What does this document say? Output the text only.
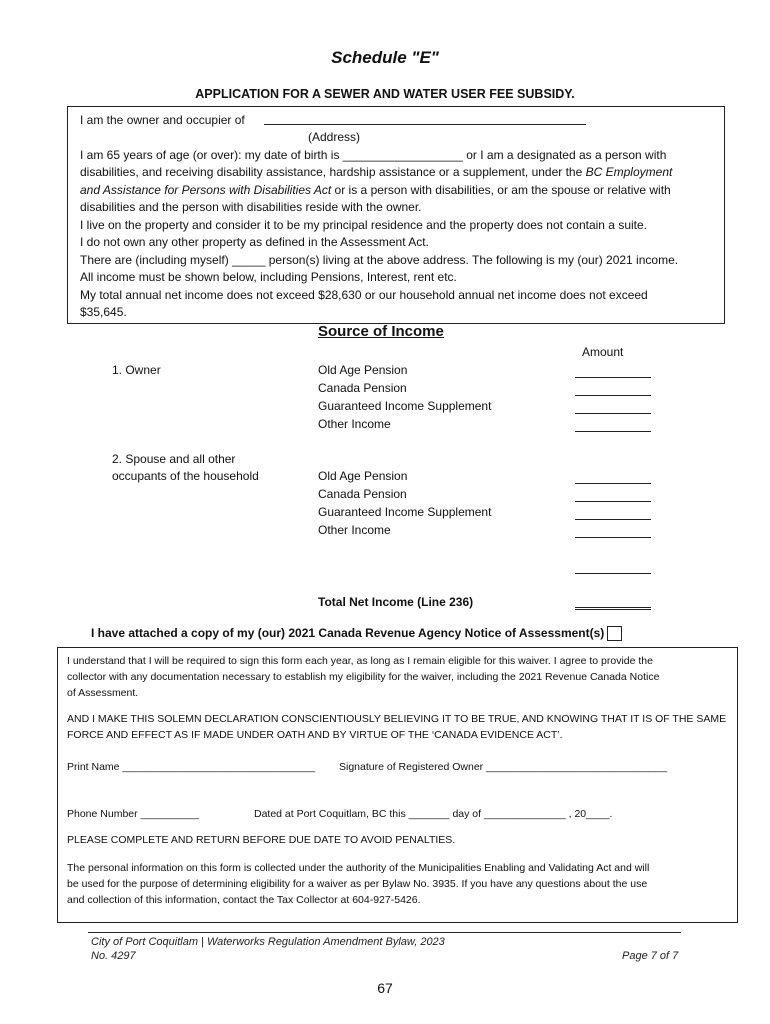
Schedule "E"
APPLICATION FOR A SEWER AND WATER USER FEE SUBSIDY.
I am the owner and occupier of
(Address)
I am 65 years of age (or over): my date of birth is __________________ or I am a designated as a person with
disabilities, and receiving disability assistance, hardship assistance or a supplement, under the BC Employment
and Assistance for Persons with Disabilities Act or is a person with disabilities, or am the spouse or relative with
disabilities and the person with disabilities reside with the owner.
I live on the property and consider it to be my principal residence and the property does not contain a suite.
I do not own any other property as defined in the Assessment Act.
There are (including myself) _____ person(s) living at the above address. The following is my (our) 2021 income.
All income must be shown below, including Pensions, Interest, rent etc.
My total annual net income does not exceed $28,630 or our household annual net income does not exceed
$35,645.
Source of Income
Amount
1. Owner	Old Age Pension
Canada Pension
Guaranteed Income Supplement
Other Income
2. Spouse and all other
occupants of the household	Old Age Pension
Canada Pension
Guaranteed Income Supplement
Other Income
Total Net Income (Line 236)
I have attached a copy of my (our) 2021 Canada Revenue Agency Notice of Assessment(s)
I understand that I will be required to sign this form each year, as long as I remain eligible for this waiver. I agree to provide the
collector with any documentation necessary to establish my eligibility for the waiver, including the 2021 Revenue Canada Notice
of Assessment.
AND I MAKE THIS SOLEMN DECLARATION CONSCIENTIOUSLY BELIEVING IT TO BE TRUE, AND KNOWING THAT IT IS OF THE SAME
FORCE AND EFFECT AS IF MADE UNDER OATH AND BY VIRTUE OF THE ‘CANADA EVIDENCE ACT’.
Print Name _________________________________ Signature of Registered Owner _______________________________
Phone Number __________	Dated at Port Coquitlam, BC this _______ day of ______________ , 20____.
PLEASE COMPLETE AND RETURN BEFORE DUE DATE TO AVOID PENALTIES.
The personal information on this form is collected under the authority of the Municipalities Enabling and Validating Act and will
be used for the purpose of determining eligibility for a waiver as per Bylaw No. 3935. If you have any questions about the use
and collection of this information, contact the Tax Collector at 604-927-5426.
City of Port Coquitlam | Waterworks Regulation Amendment Bylaw, 2023
No. 4297	Page 7 of 7
67
